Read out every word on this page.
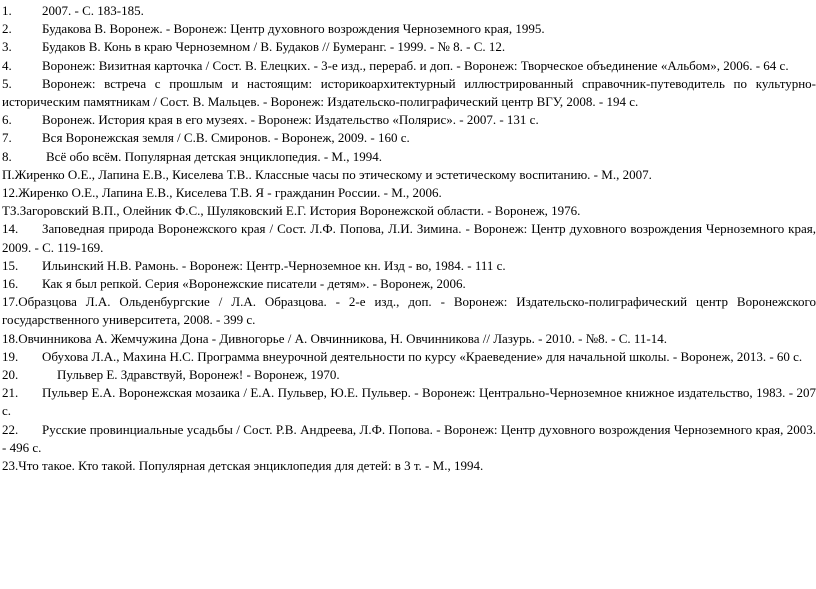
1. 2007. - С. 183-185.

2. Будакова В. Воронеж. - Воронеж: Центр духовного возрождения Черноземного края, 1995.

3. Будаков В. Конь в краю Черноземном / В. Будаков // Бумеранг. - 1999. - № 8. - С. 12.

4. Воронеж: Визитная карточка / Сост. В. Елецких. - 3-е изд., перераб. и доп. - Воронеж: Творческое объединение «Альбом», 2006. - 64 с.

5. Воронеж: встреча с прошлым и настоящим: историкоархитектурный иллюстрированный справочник-путеводитель по культурно-историческим памятникам / Сост. В. Мальцев. - Воронеж: Издательско-полиграфический центр ВГУ, 2008. - 194 с.

6. Воронеж. История края в его музеях. - Воронеж: Издательство «Полярис». - 2007. - 131 с.

7. Вся Воронежская земля / С.В. Смиронов. - Воронеж, 2009. - 160 с.

8.	Всё обо всём. Популярная детская энциклопедия. - М., 1994.

П.Жиренко О.Е., Лапина Е.В., Киселева Т.В.. Классные часы по этическому и эстетическому воспитанию. - М., 2007.

12.Жиренко О.Е., Лапина Е.В., Киселева Т.В. Я - гражданин России. - М., 2006.

ТЗ.Загоровский В.П., Олейник Ф.С., Шуляковский Е.Г. История Воронежской области. - Воронеж, 1976.

14. Заповедная природа Воронежского края / Сост. Л.Ф. Попова, Л.И. Зимина. - Воронеж: Центр духовного возрождения Черноземного края, 2009. - С. 119-169.

15. Ильинский Н.В. Рамонь. - Воронеж: Центр.-Черноземное кн. Изд - во, 1984. - 111 с.

16. Как я был репкой. Серия «Воронежские писатели - детям». - Воронеж, 2006.

17.Образцова Л.А. Ольденбургские / Л.А. Образцова. - 2-е изд., доп. - Воронеж: Издательско-полиграфический центр Воронежского государственного университета, 2008. - 399 с.

18.Овчинникова А. Жемчужина Дона - Дивногорье / А. Овчинникова, Н. Овчинникова // Лазурь. - 2010. - №8. - С. 11-14.

19. Обухова Л.А., Махина Н.С. Программа внеурочной деятельности по курсу «Краеведение» для начальной школы. - Воронеж, 2013. - 60 с.

20.	Пульвер Е. Здравствуй, Воронеж! - Воронеж, 1970.

21. Пульвер Е.А. Воронежская мозаика / Е.А. Пульвер, Ю.Е. Пульвер. - Воронеж: Центрально-Черноземное книжное издательство, 1983. - 207 с.

22. Русские провинциальные усадьбы / Сост. Р.В. Андреева, Л.Ф. Попова. - Воронеж: Центр духовного возрождения Черноземного края, 2003. - 496 с.

23.Что такое. Кто такой. Популярная детская энциклопедия для детей: в 3 т. - М., 1994.
